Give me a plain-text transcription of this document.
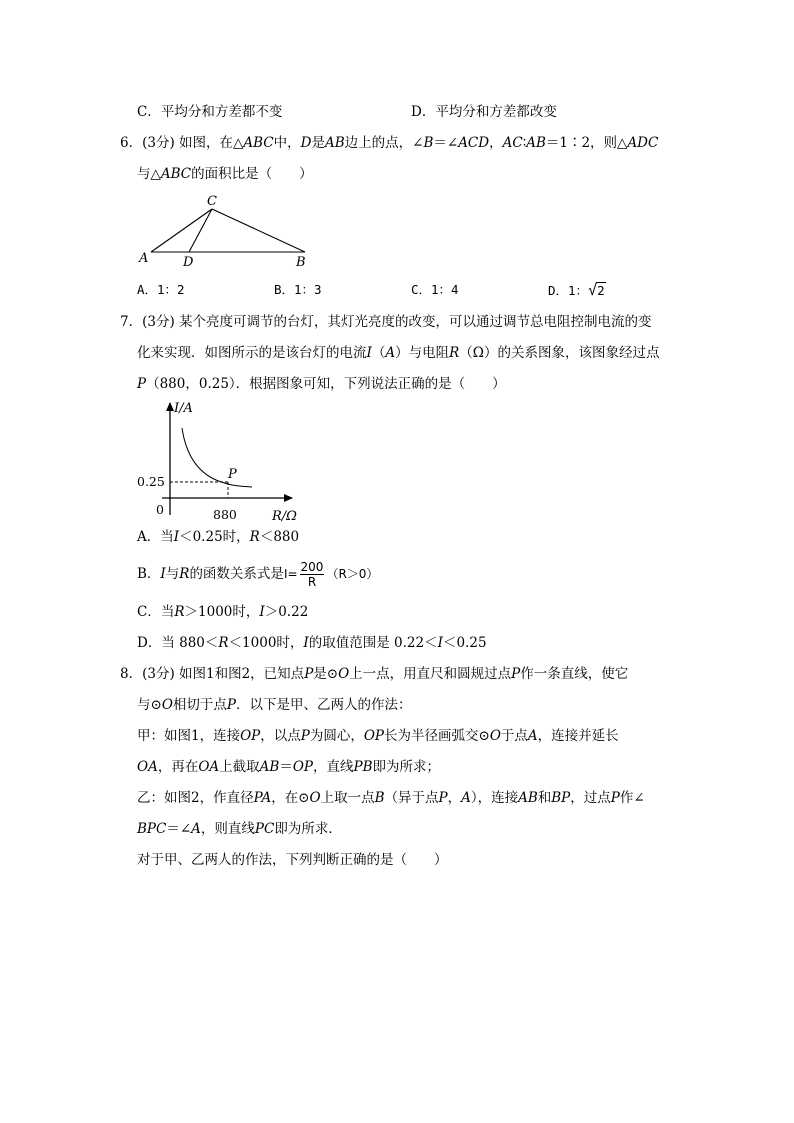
C．平均分和方差都不变	D．平均分和方差都改变
6．(3分) 如图，在△ABC中，D是AB边上的点，∠B＝∠ACD，AC∶AB＝1∶2，则△ADC
与△ABC的面积比是（　　）
C
A	D	B
A．1：2	B．1：3	C．1：4	D．1：√2
7．(3分) 某个亮度可调节的台灯，其灯光亮度的改变，可以通过调节总电阻控制电流的变
化来实现．如图所示的是该台灯的电流I（A）与电阻R（Ω）的关系图象，该图象经过点
P（880，0.25）．根据图象可知，下列说法正确的是（　　）
I/A
R/Ω
0
0.25
880
P
A．当I＜0.25时，R＜880
B．I与R的函数关系式是$I= \frac{200}{R} (R>0)$
C．当R＞1000时，I＞0.22
D．当 880＜R＜1000时，I的取值范围是 0.22＜I＜0.25
8．(3分) 如图1和图2，已知点P是⊙O上一点，用直尺和圆规过点P作一条直线，使它
与⊙O相切于点P．以下是甲、乙两人的作法：
甲：如图1，连接OP，以点P为圆心，OP长为半径画弧交⊙O于点A，连接并延长
OA，再在OA上截取AB＝OP，直线PB即为所求；
乙：如图2，作直径PA，在⊙O上取一点B（异于点P，A），连接AB和BP，过点P作∠
BPC＝∠A，则直线PC即为所求．
对于甲、乙两人的作法，下列判断正确的是（　　）
